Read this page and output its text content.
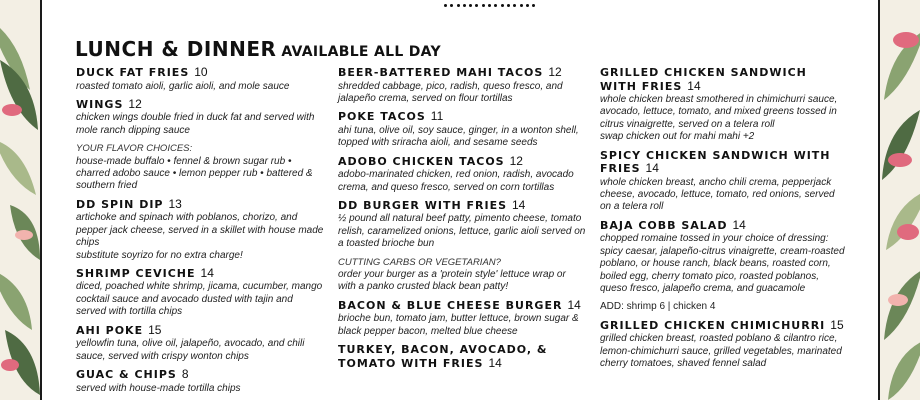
LUNCH & DINNER AVAILABLE ALL DAY
DUCK FAT FRIES 10
roasted tomato aioli, garlic aioli, and mole sauce
WINGS 12
chicken wings double fried in duck fat and served with mole ranch dipping sauce
YOUR FLAVOR CHOICES:
house-made buffalo • fennel & brown sugar rub • charred adobo sauce • lemon pepper rub • battered & southern fried
DD SPIN DIP 13
artichoke and spinach with poblanos, chorizo, and pepper jack cheese, served in a skillet with house made chips
substitute soyrizo for no extra charge!
SHRIMP CEVICHE 14
diced, poached white shrimp, jicama, cucumber, mango cocktail sauce and avocado dusted with tajin and served with tortilla chips
AHI POKE 15
yellowfin tuna, olive oil, jalapeño, avocado, and chili sauce, served with crispy wonton chips
GUAC & CHIPS 8
served with house-made tortilla chips
BEER-BATTERED MAHI TACOS 12
shredded cabbage, pico, radish, queso fresco, and jalapeño crema, served on flour tortillas
POKE TACOS 11
ahi tuna, olive oil, soy sauce, ginger, in a wonton shell, topped with sriracha aioli, and sesame seeds
ADOBO CHICKEN TACOS 12
adobo-marinated chicken, red onion, radish, avocado crema, and queso fresco, served on corn tortillas
DD BURGER WITH FRIES 14
½ pound all natural beef patty, pimento cheese, tomato relish, caramelized onions, lettuce, garlic aioli served on a toasted brioche bun
CUTTING CARBS OR VEGETARIAN?
order your burger as a 'protein style' lettuce wrap or with a panko crusted black bean patty!
BACON & BLUE CHEESE BURGER 14
brioche bun, tomato jam, butter lettuce, brown sugar & black pepper bacon, melted blue cheese
TURKEY, BACON, AVOCADO, & TOMATO WITH FRIES 14
GRILLED CHICKEN SANDWICH WITH FRIES 14
whole chicken breast smothered in chimichurri sauce, avocado, lettuce, tomato, and mixed greens tossed in citrus vinaigrette, served on a telera roll
swap chicken out for mahi mahi +2
SPICY CHICKEN SANDWICH WITH FRIES 14
whole chicken breast, ancho chili crema, pepperjack cheese, avocado, lettuce, tomato, red onions, served on a telera roll
BAJA COBB SALAD 14
chopped romaine tossed in your choice of dressing: spicy caesar, jalapeño-citrus vinaigrette, cream-roasted poblano, or house ranch, black beans, roasted corn, boiled egg, cherry tomato pico, roasted poblanos, queso fresco, jalapeño crema, and guacamole
ADD: shrimp 6 | chicken 4
GRILLED CHICKEN CHIMICHURRI 15
grilled chicken breast, roasted poblano & cilantro rice, lemon-chimichurri sauce, grilled vegetables, marinated cherry tomatoes, shaved fennel salad
